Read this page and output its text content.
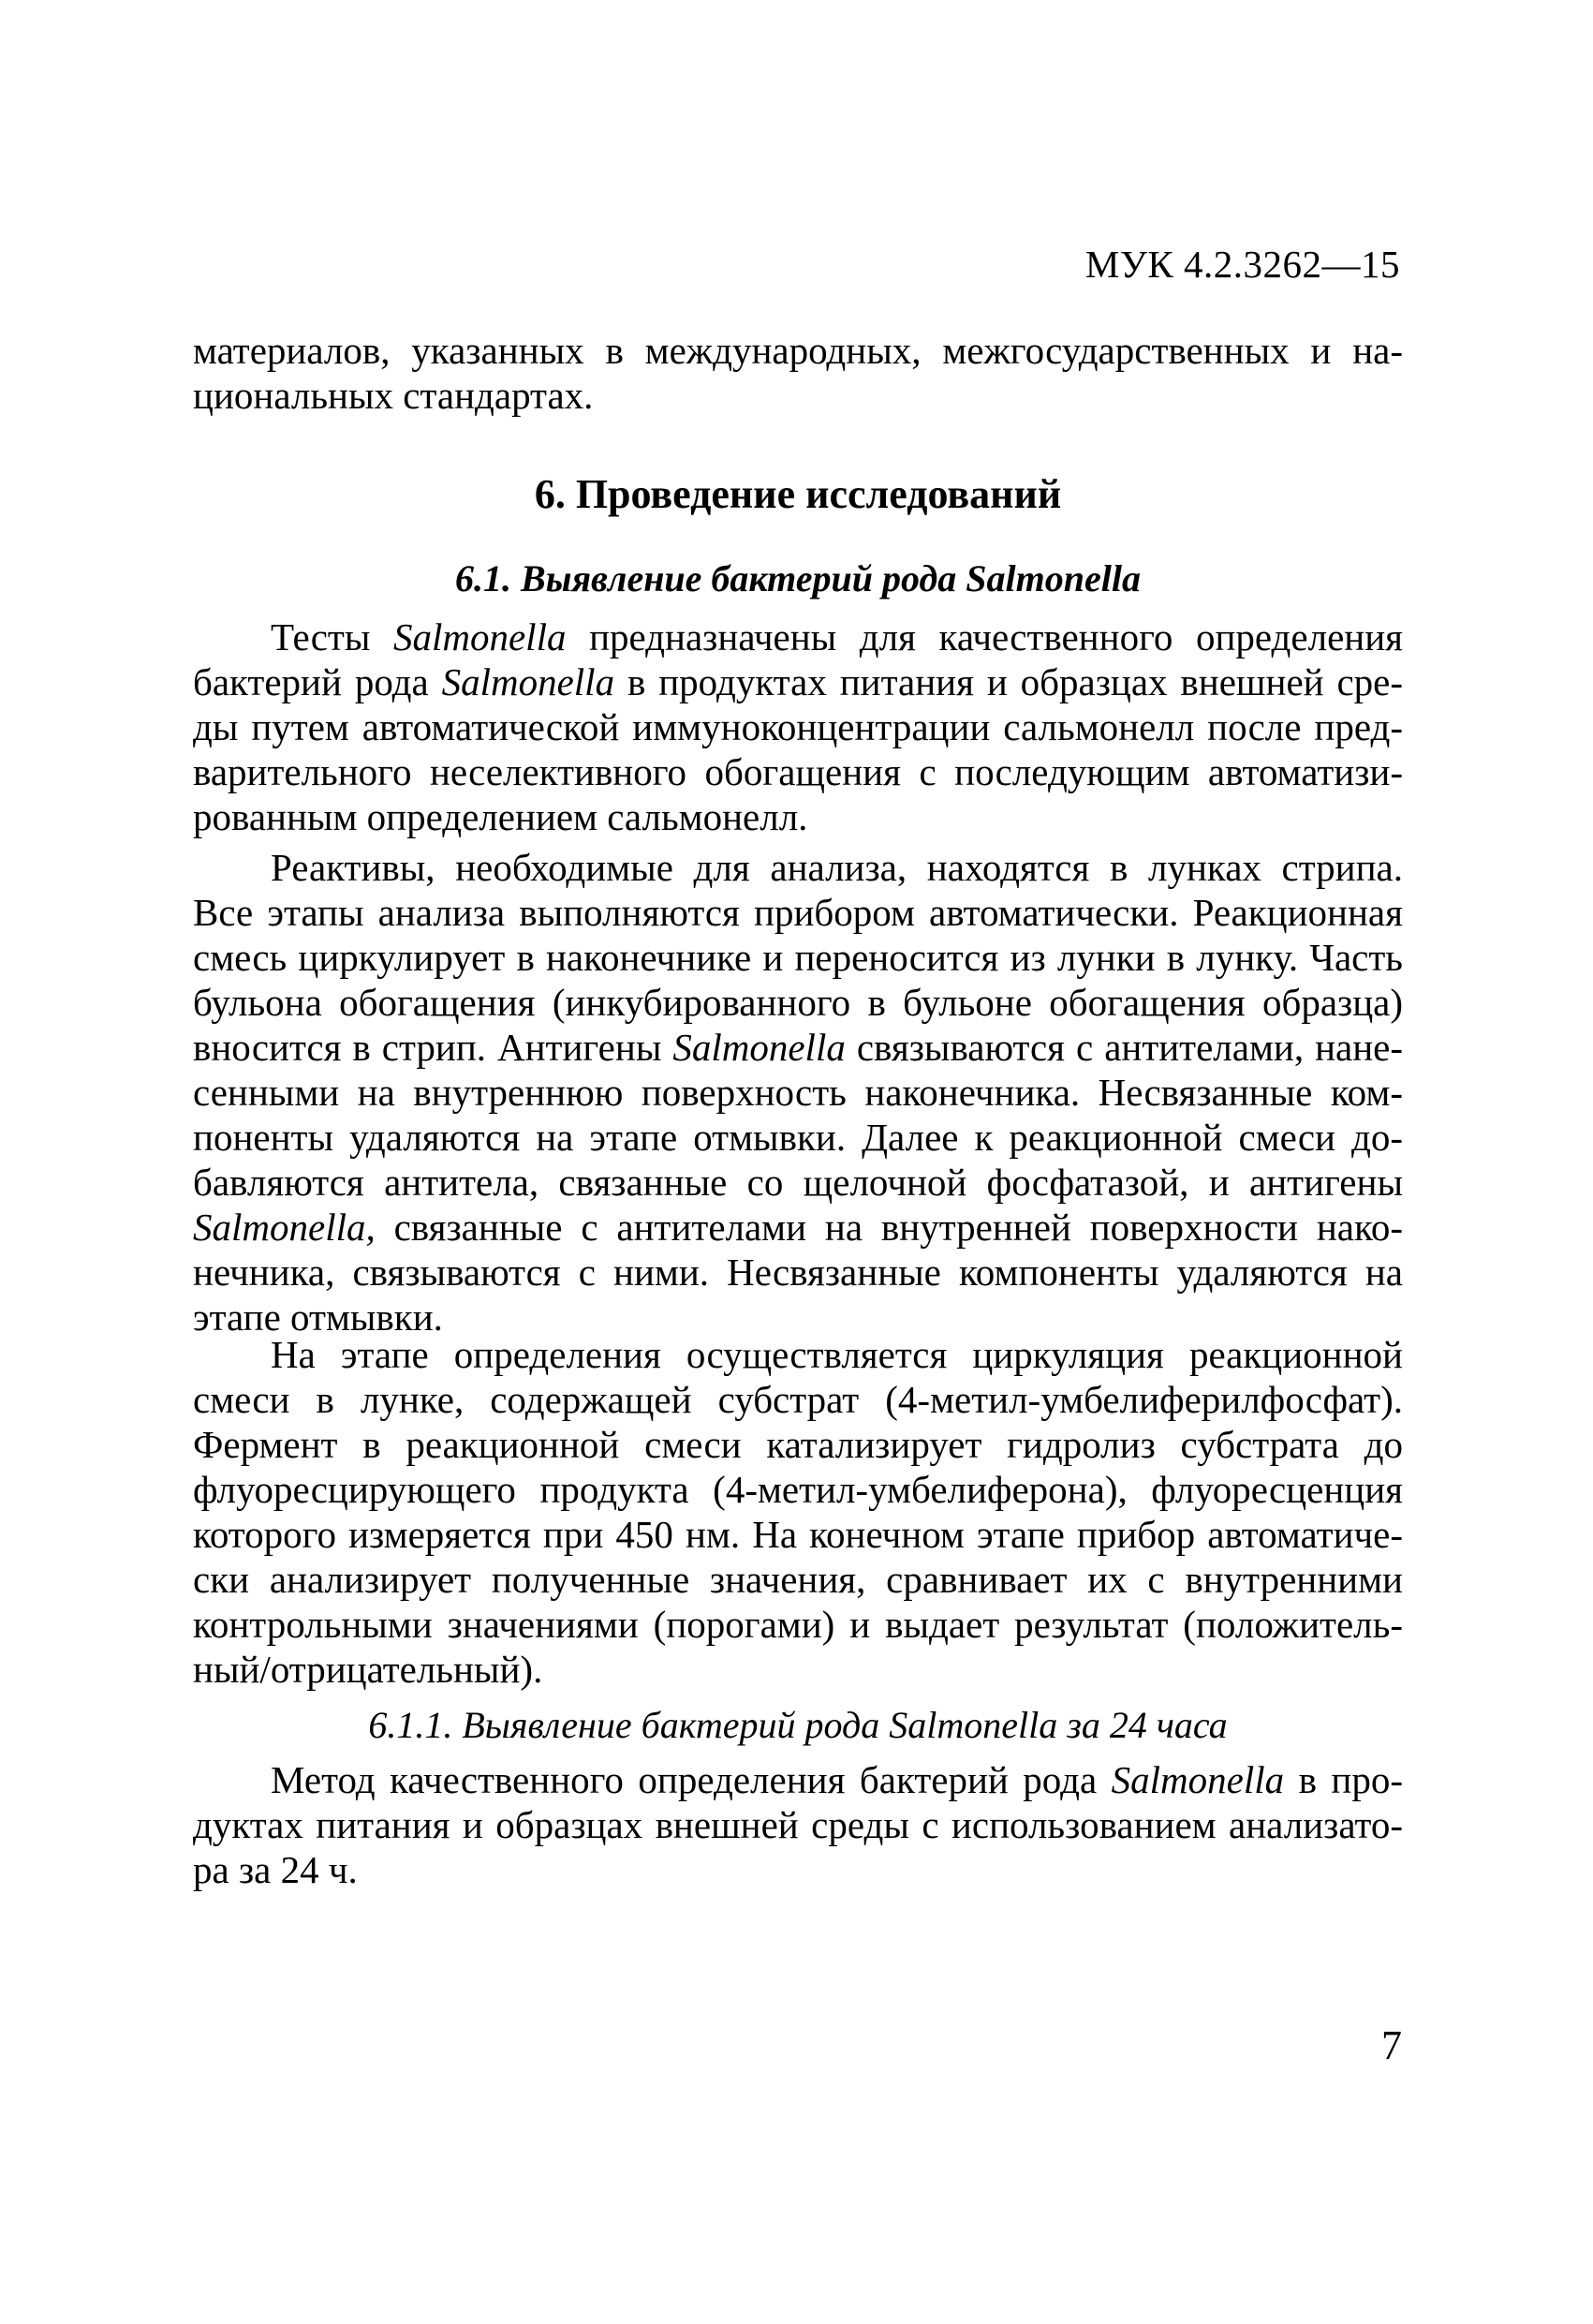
МУК 4.2.3262—15

материалов, указанных в международных, межгосударственных и на-

циональных стандартах.

6. Проведение исследований
6.1. Выявление бактерий рода Salmonella

Тесты Salmonella предназначены для качественного определения

бактерий рода Salmonella в продуктах питания и образцах внешней сре-

ды путем автоматической иммуноконцентрации сальмонелл после пред-

варительного неселективного обогащения с последующим автоматизи-

рованным определением сальмонелл.

Реактивы, необходимые для анализа, находятся в лунках стрипа.

Все этапы анализа выполняются прибором автоматически. Реакционная

смесь циркулирует в наконечнике и переносится из лунки в лунку. Часть

бульона обогащения (инкубированного в бульоне обогащения образца)

вносится в стрип. Антигены Salmonella связываются с антителами, нане-

сенными на внутреннюю поверхность наконечника. Несвязанные ком-

поненты удаляются на этапе отмывки. Далее к реакционной смеси до-

бавляются антитела, связанные со щелочной фосфатазой, и антигены

Salmonella, связанные с антителами на внутренней поверхности нако-

нечника, связываются с ними. Несвязанные компоненты удаляются на

этапе отмывки.

На этапе определения осуществляется циркуляция реакционной

смеси в лунке, содержащей субстрат (4-метил-умбелиферилфосфат).

Фермент в реакционной смеси катализирует гидролиз субстрата до

флуоресцирующего продукта (4-метил-умбелиферона), флуоресценция

которого измеряется при 450 нм. На конечном этапе прибор автоматиче-

ски анализирует полученные значения, сравнивает их с внутренними

контрольными значениями (порогами) и выдает результат (положитель-

ный/отрицательный).

6.1.1. Выявление бактерий рода Salmonella за 24 часа

Метод качественного определения бактерий рода Salmonella в про-

дуктах питания и образцах внешней среды с использованием анализато-

ра за 24 ч.

7
